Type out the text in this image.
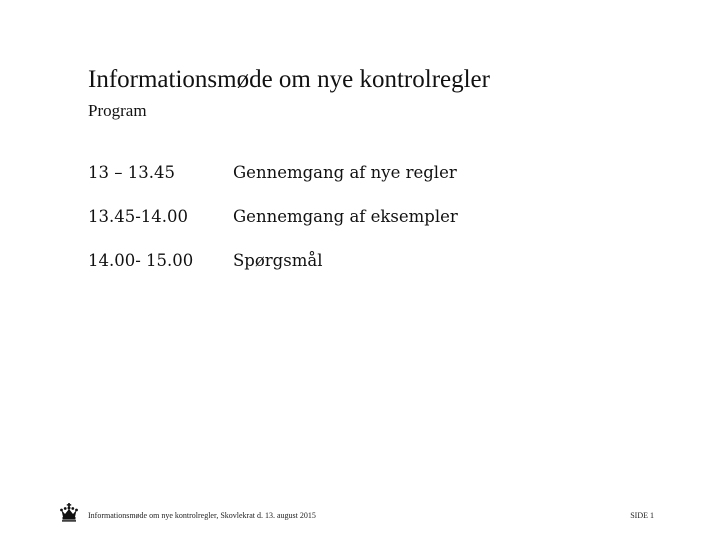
Informationsmøde om nye kontrolregler
Program
13 – 13.45	Gennemgang af nye regler
13.45-14.00	Gennemgang af eksempler
14.00- 15.00	Spørgsmål
Informationsmøde om nye kontrolregler, Skovlekrat d. 13. august 2015	SIDE 1
